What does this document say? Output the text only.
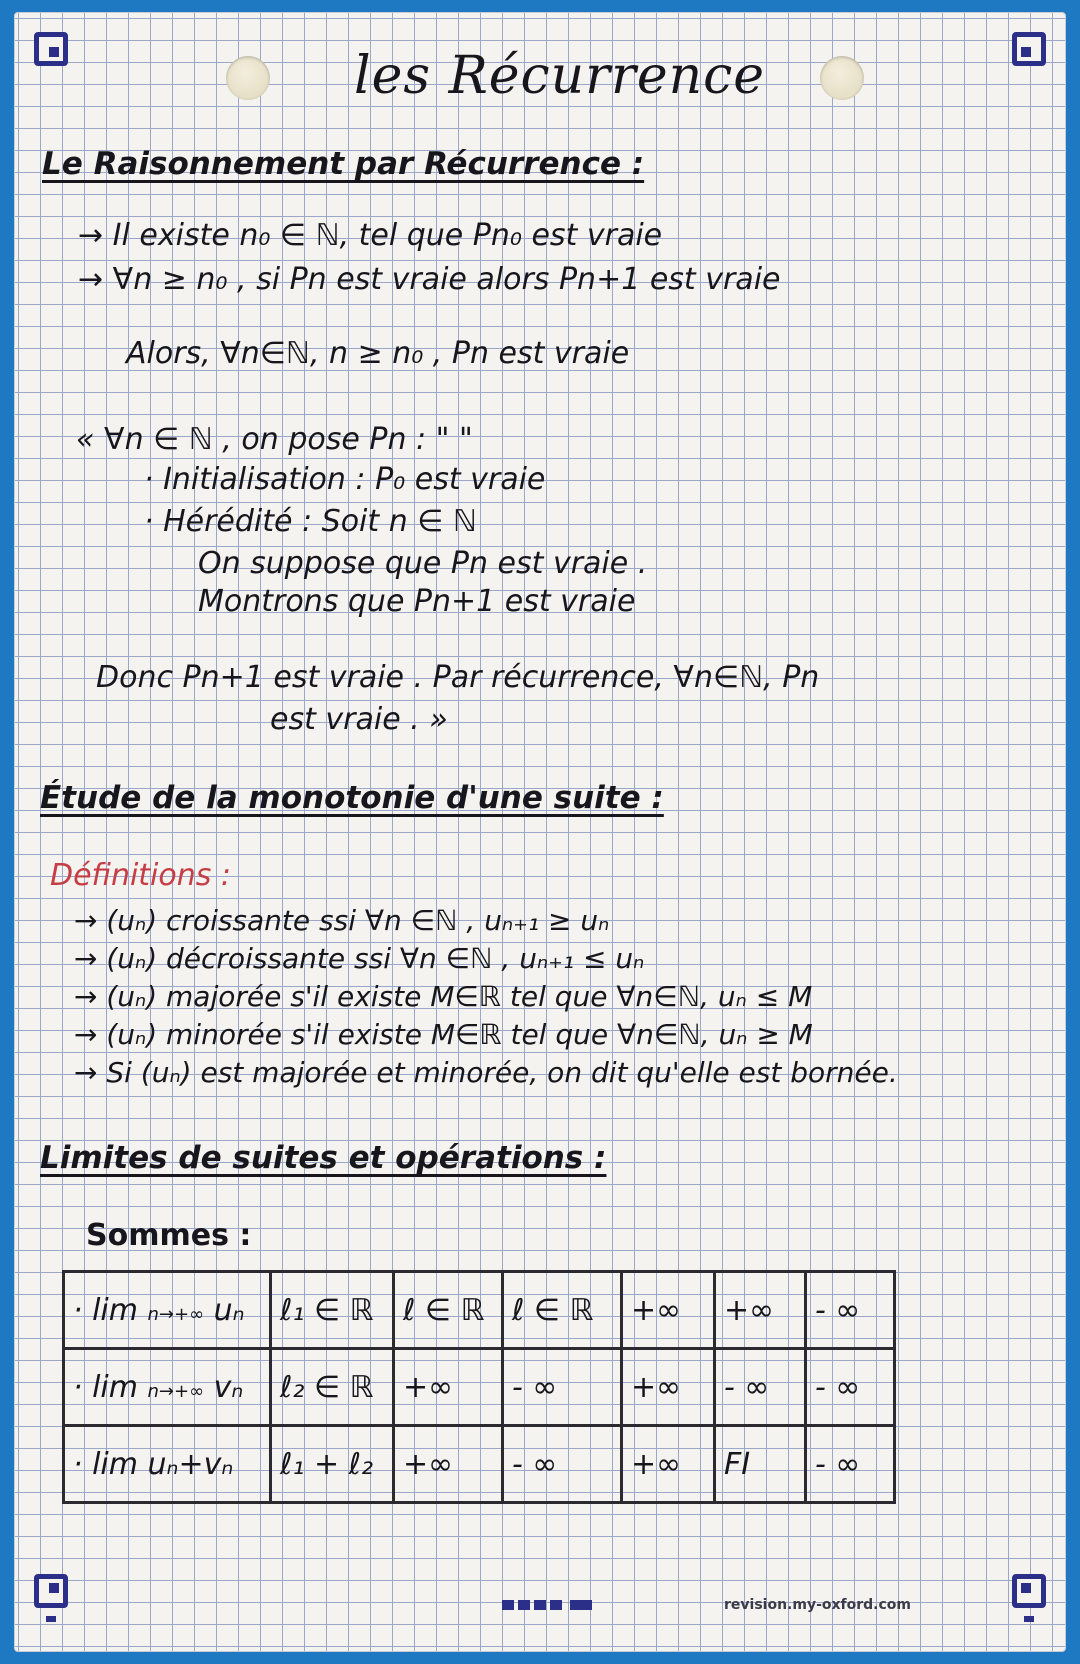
les Récurrence
Le Raisonnement par Récurrence :
→ Il existe n₀ ∈ ℕ, tel que Pn₀ est vraie
→ ∀n ≥ n₀ , si Pn est vraie alors Pn+1 est vraie
Alors, ∀n∈ℕ, n ≥ n₀ , Pn est vraie
« ∀n ∈ ℕ , on pose Pn : " "
· Initialisation : P₀ est vraie
· Hérédité : Soit n ∈ ℕ
On suppose que Pn est vraie .
Montrons que Pn+1 est vraie
Donc Pn+1 est vraie . Par récurrence, ∀n∈ℕ, Pn
est vraie . »
Étude de la monotonie d'une suite :
Définitions :
→ (uₙ) croissante ssi ∀n ∈ℕ , uₙ₊₁ ≥ uₙ
→ (uₙ) décroissante ssi ∀n ∈ℕ , uₙ₊₁ ≤ uₙ
→ (uₙ) majorée s'il existe M∈ℝ tel que ∀n∈ℕ, uₙ ≤ M
→ (uₙ) minorée s'il existe M∈ℝ tel que ∀n∈ℕ, uₙ ≥ M
→ Si (uₙ) est majorée et minorée, on dit qu'elle est bornée.
Limites de suites et opérations :
Sommes :
· lim n→+∞ uₙ	ℓ₁ ∈ ℝ	ℓ ∈ ℝ	ℓ ∈ ℝ	+∞	+∞	- ∞
· lim n→+∞ vₙ	ℓ₂ ∈ ℝ	+∞	- ∞	+∞	- ∞	- ∞
· lim uₙ+vₙ	ℓ₁ + ℓ₂	+∞	- ∞	+∞	FI	- ∞
revision.my-oxford.com
